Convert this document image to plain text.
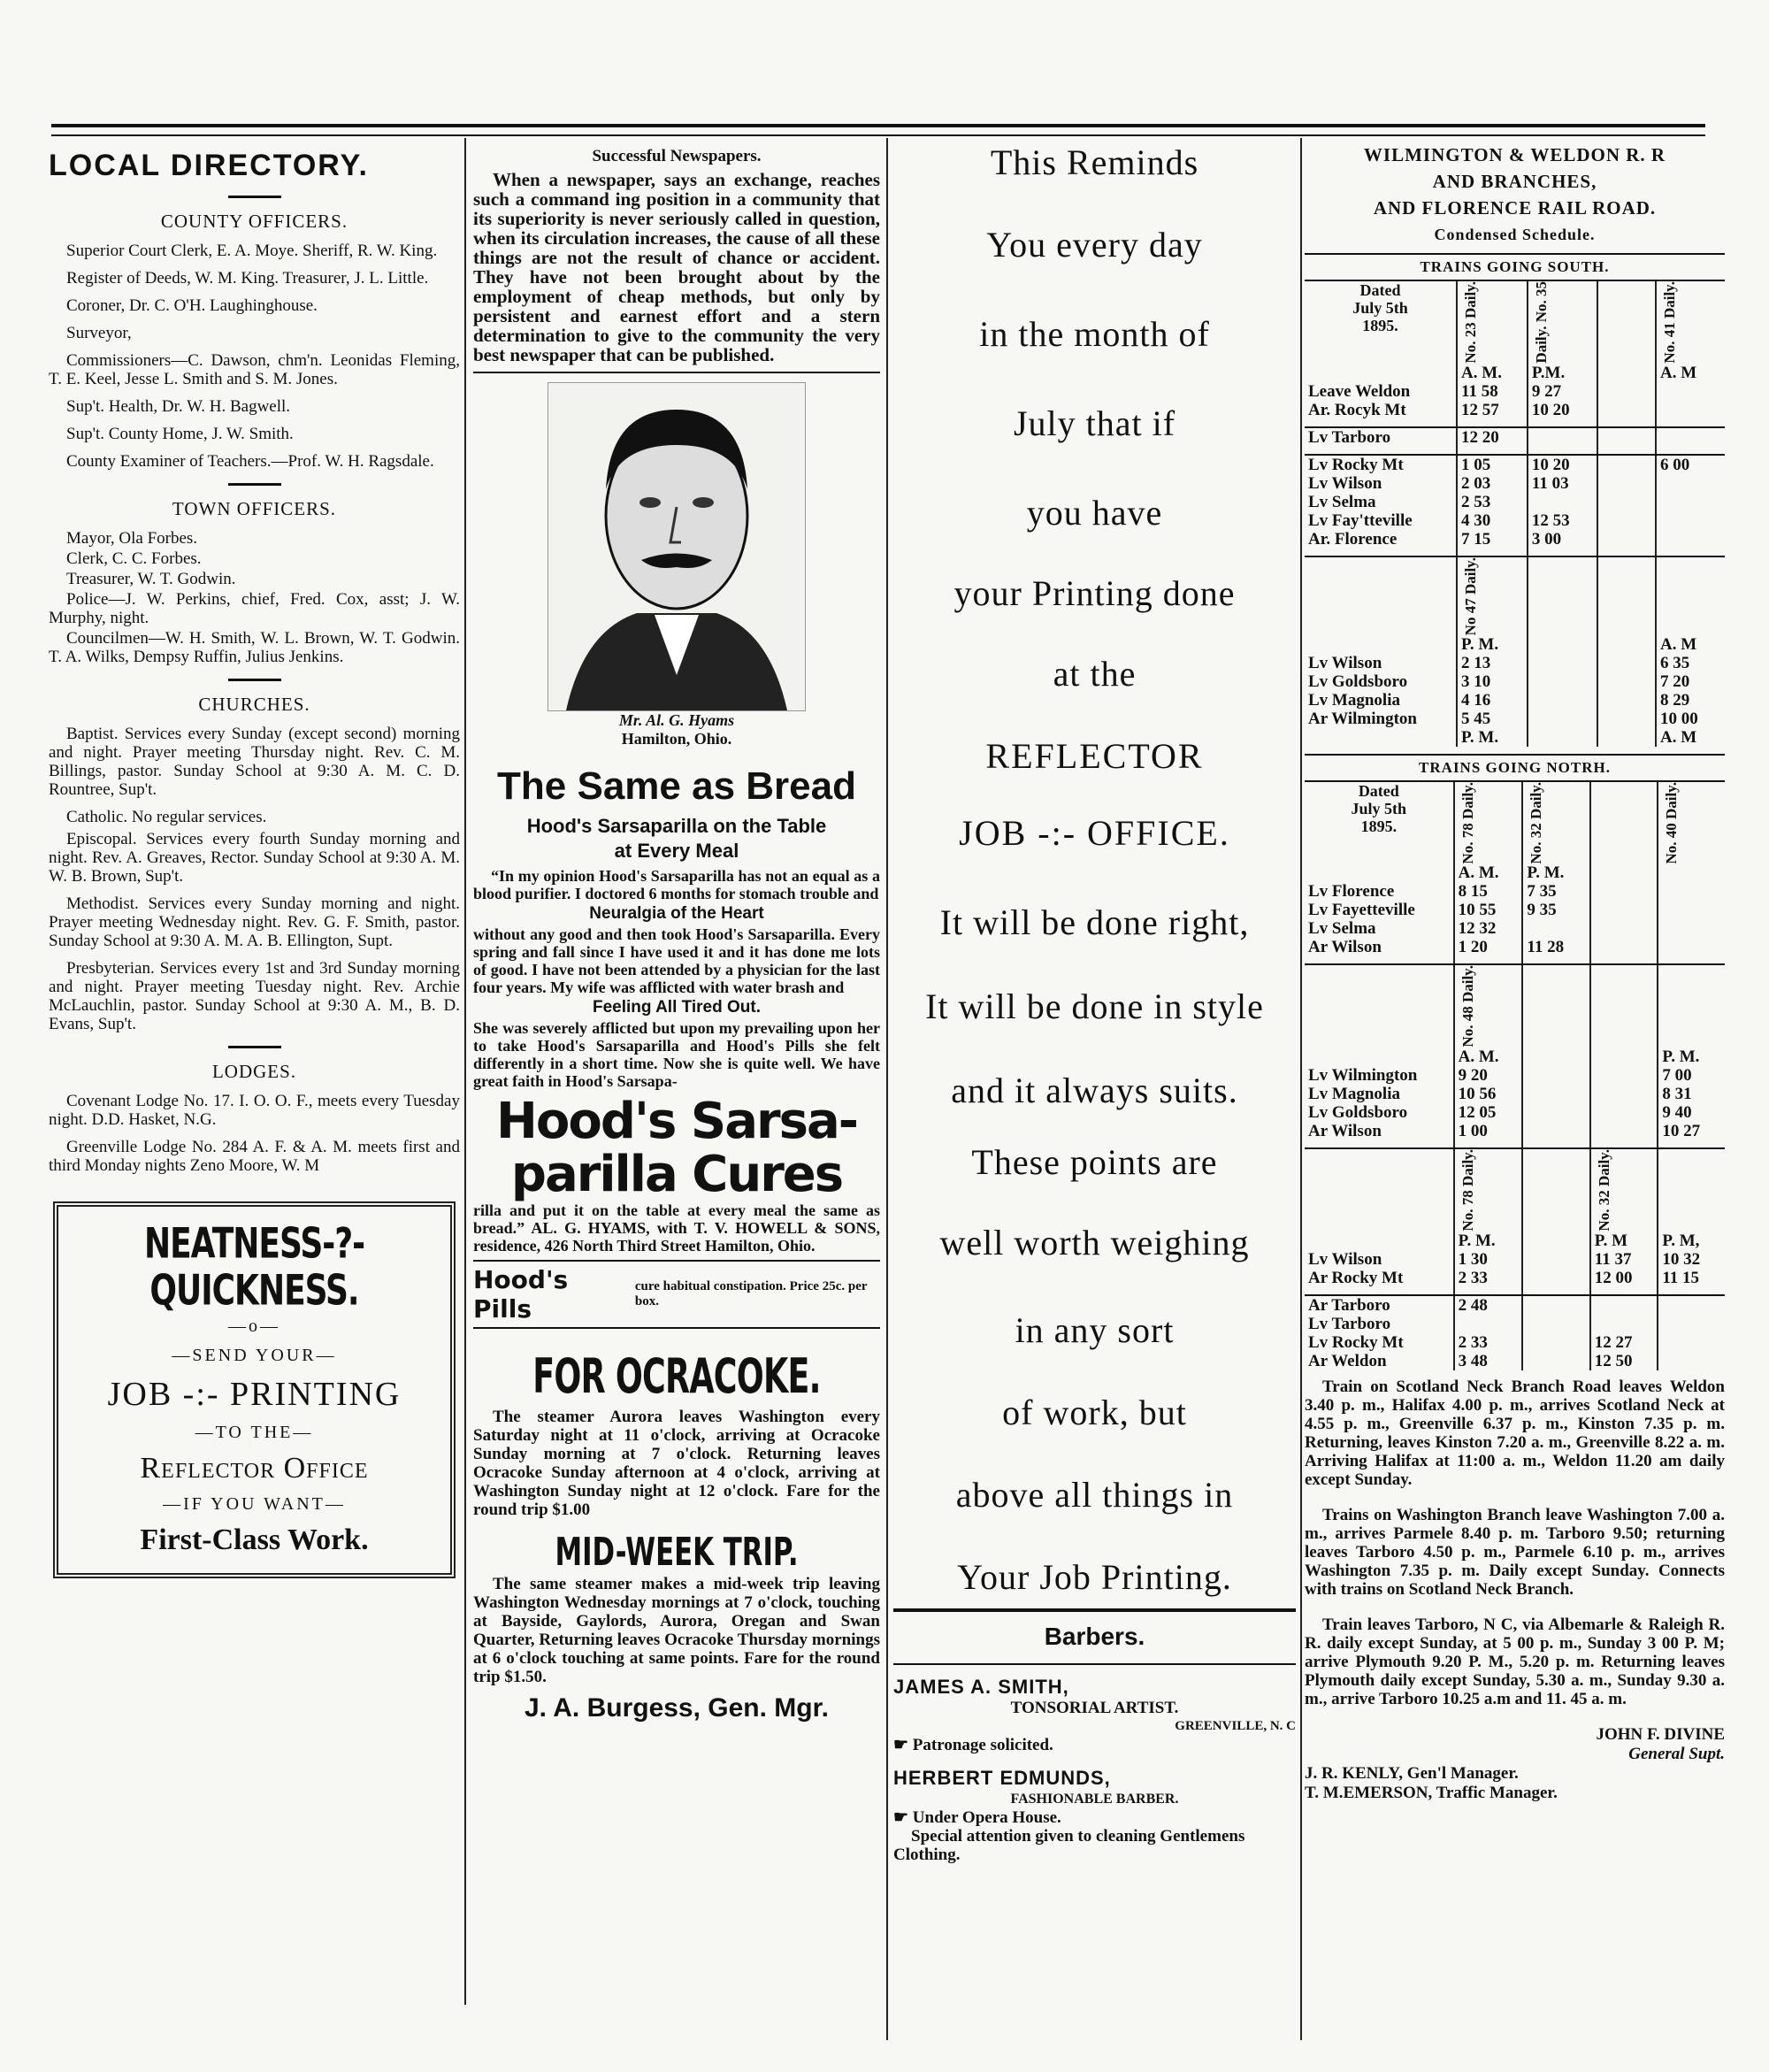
LOCAL DIRECTORY.
COUNTY OFFICERS.

Superior Court Clerk, E. A. Moye. Sheriff, R. W. King.

Register of Deeds, W. M. King. Treasurer, J. L. Little.

Coroner, Dr. C. O'H. Laughinghouse.

Surveyor,

Commissioners—C. Dawson, chm'n. Leonidas Fleming, T. E. Keel, Jesse L. Smith and S. M. Jones.

Sup't. Health, Dr. W. H. Bagwell.

Sup't. County Home, J. W. Smith.

County Examiner of Teachers.—Prof. W. H. Ragsdale.

TOWN OFFICERS.

Mayor, Ola Forbes.

Clerk, C. C. Forbes.

Treasurer, W. T. Godwin.

Police—J. W. Perkins, chief, Fred. Cox, asst; J. W. Murphy, night.

Councilmen—W. H. Smith, W. L. Brown, W. T. Godwin. T. A. Wilks, Dempsy Ruffin, Julius Jenkins.

CHURCHES.

Baptist. Services every Sunday (except second) morning and night. Prayer meeting Thursday night. Rev. C. M. Billings, pastor. Sunday School at 9:30 A. M. C. D. Rountree, Sup't.

Catholic. No regular services.

Episcopal. Services every fourth Sunday morning and night. Rev. A. Greaves, Rector. Sunday School at 9:30 A. M. W. B. Brown, Sup't.

Methodist. Services every Sunday morning and night. Prayer meeting Wednesday night. Rev. G. F. Smith, pastor. Sunday School at 9:30 A. M. A. B. Ellington, Supt.

Presbyterian. Services every 1st and 3rd Sunday morning and night. Prayer meeting Tuesday night. Rev. Archie McLauchlin, pastor. Sunday School at 9:30 A. M., B. D. Evans, Sup't.

LODGES.

Covenant Lodge No. 17. I. O. O. F., meets every Tuesday night. D.D. Hasket, N.G.

Greenville Lodge No. 284 A. F. & A. M. meets first and third Monday nights Zeno Moore, W. M

NEATNESS-?-QUICKNESS.
—o—
—SEND YOUR—
JOB -:- PRINTING
—TO THE—
Reflector Office
—IF YOU WANT—
First-Class Work.
Successful Newspapers.

When a newspaper, says an exchange, reaches such a command ing position in a community that its superiority is never seriously called in question, when its circulation increases, the cause of all these things are not the result of chance or accident. They have not been brought about by the employment of cheap methods, but only by persistent and earnest effort and a stern determination to give to the community the very best newspaper that can be published.

Mr. Al. G. Hyams
Hamilton, Ohio.
The Same as Bread
Hood's Sarsaparilla on the Table
at Every Meal

“In my opinion Hood's Sarsaparilla has not an equal as a blood purifier. I doctored 6 months for stomach trouble and

Neuralgia of the Heart

without any good and then took Hood's Sarsaparilla. Every spring and fall since I have used it and it has done me lots of good. I have not been attended by a physician for the last four years. My wife was afflicted with water brash and

Feeling All Tired Out.

She was severely afflicted but upon my prevailing upon her to take Hood's Sarsaparilla and Hood's Pills she felt differently in a short time. Now she is quite well. We have great faith in Hood's Sarsapa-

Hood's Sarsa- parilla Cures

rilla and put it on the table at every meal the same as bread.” AL. G. HYAMS, with T. V. HOWELL & SONS, residence, 426 North Third Street Hamilton, Ohio.

Hood's Pills
cure habitual constipation. Price 25c. per box.
FOR OCRACOKE.

The steamer Aurora leaves Washington every Saturday night at 11 o'clock, arriving at Ocracoke Sunday morning at 7 o'clock. Returning leaves Ocracoke Sunday afternoon at 4 o'clock, arriving at Washington Sunday night at 12 o'clock. Fare for the round trip $1.00

MID-WEEK TRIP.

The same steamer makes a mid-week trip leaving Washington Wednesday mornings at 7 o'clock, touching at Bayside, Gaylords, Aurora, Oregan and Swan Quarter, Returning leaves Ocracoke Thursday mornings at 6 o'clock touching at same points. Fare for the round trip $1.50.

J. A. Burgess, Gen. Mgr.
This Reminds
You every day
in the month of
July that if
you have
your Printing done
at the
REFLECTOR
JOB -:- OFFICE.
It will be done right,
It will be done in style
and it always suits.
These points are
well worth weighing
in any sort
of work, but
above all things in
Your Job Printing.
Barbers.
JAMES A. SMITH,
TONSORIAL ARTIST.
GREENVILLE, N. C
☛ Patronage solicited.
HERBERT EDMUNDS,
FASHIONABLE BARBER.
☛ Under Opera House.
Special attention given to cleaning Gentlemens Clothing.
WILMINGTON & WELDON R. R
AND BRANCHES,
AND FLORENCE RAIL ROAD.
Condensed Schedule.
TRAINS GOING SOUTH.
Dated
July 5th
1895.	No. 23 Daily.	Daily. No. 35		No. 41 Daily.

	A. M.	P.M.		A. M
Leave Weldon	11 58	9 27		
Ar. Rocyk Mt	12 57	10 20		

Lv Tarboro	12 20			

Lv Rocky Mt	1 05	10 20		6 00
Lv Wilson	2 03	11 03		
Lv Selma	2 53			
Lv Fay'tteville	4 30	12 53		
Ar. Florence	7 15	3 00		

	No 47 Daily.			

	P. M.			A. M
Lv Wilson	2 13			6 35
Lv Goldsboro	3 10			7 20
Lv Magnolia	4 16			8 29
Ar Wilmington	5 45			10 00
	P. M.			A. M
TRAINS GOING NOTRH.
Dated
July 5th
1895.	No. 78 Daily.	No. 32 Daily.		No. 40 Daily.

	A. M.	P. M.		
Lv Florence	8 15	7 35		
Lv Fayetteville	10 55	9 35		
Lv Selma	12 32			
Ar Wilson	1 20	11 28		

	No. 48 Daily.			

	A. M.			P. M.
Lv Wilmington	9 20			7 00
Lv Magnolia	10 56			8 31
Lv Goldsboro	12 05			9 40
Ar Wilson	1 00			10 27

	No. 78 Daily.		No. 32 Daily.	

	P. M.		P. M	P. M,
Lv Wilson	1 30		11 37	10 32
Ar Rocky Mt	2 33		12 00	11 15

Ar Tarboro	2 48			
Lv Tarboro				
Lv Rocky Mt	2 33		12 27	
Ar Weldon	3 48		12 50	

Train on Scotland Neck Branch Road leaves Weldon 3.40 p. m., Halifax 4.00 p. m., arrives Scotland Neck at 4.55 p. m., Greenville 6.37 p. m., Kinston 7.35 p. m. Returning, leaves Kinston 7.20 a. m., Greenville 8.22 a. m. Arriving Halifax at 11:00 a. m., Weldon 11.20 am daily except Sunday.

Trains on Washington Branch leave Washington 7.00 a. m., arrives Parmele 8.40 p. m. Tarboro 9.50; returning leaves Tarboro 4.50 p. m., Parmele 6.10 p. m., arrives Washington 7.35 p. m. Daily except Sunday. Connects with trains on Scotland Neck Branch.

Train leaves Tarboro, N C, via Albemarle & Raleigh R. R. daily except Sunday, at 5 00 p. m., Sunday 3 00 P. M; arrive Plymouth 9.20 P. M., 5.20 p. m. Returning leaves Plymouth daily except Sunday, 5.30 a. m., Sunday 9.30 a. m., arrive Tarboro 10.25 a.m and 11. 45 a. m.

JOHN F. DIVINE
General Supt.
J. R. KENLY, Gen'l Manager.
T. M.EMERSON, Traffic Manager.
